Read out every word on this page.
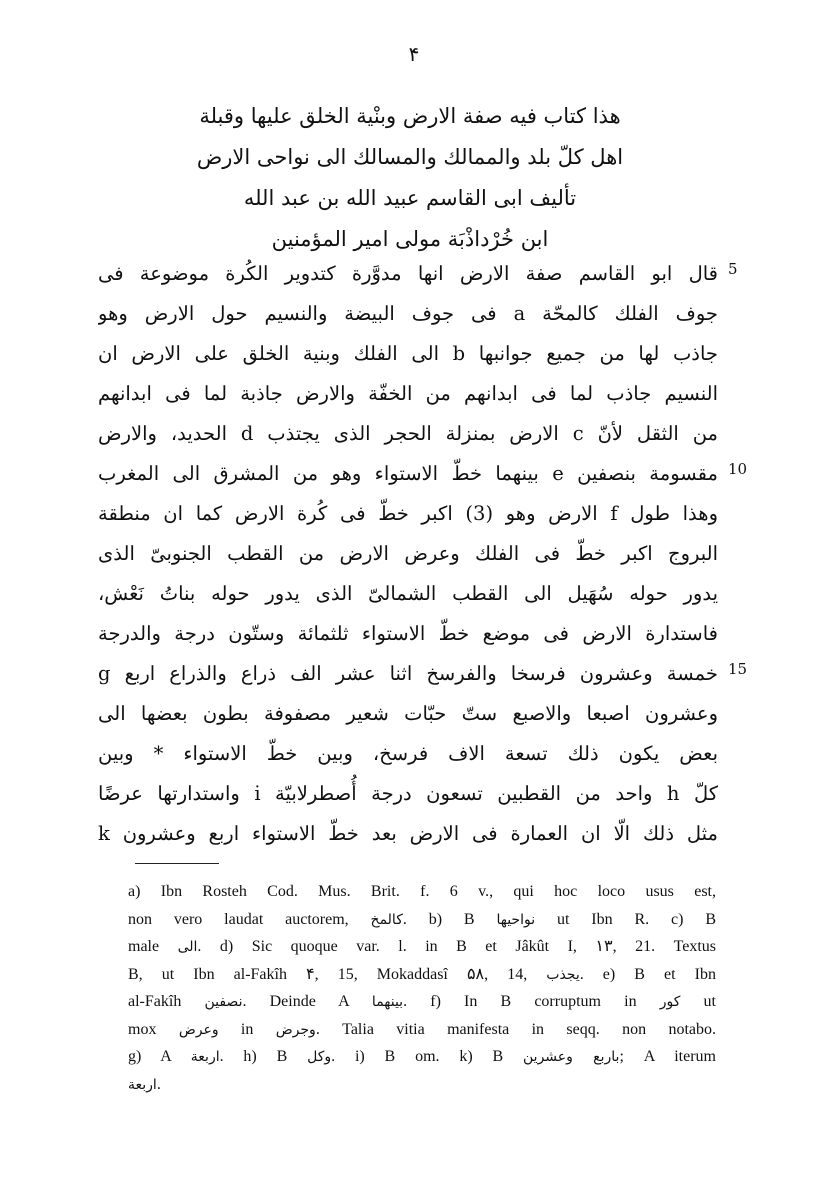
۴
هذا كتاب فيه صفة الارض وبنْية الخلق عليها وقبلة
اهل كلّ بلد والممالك والمسالك الى نواحى الارض
تأليف ابى القاسم عبيد الله بن عبد الله
ابن خُرْداذْبَة مولى امير المؤمنين
قال ابو القاسم صفة الارض انها مدوَّرة كتدوير الكُرة موضوعة فى
جوف الفلك كالمحّة a فى جوف البيضة والنسيم حول الارض وهو
جاذب لها من جميع جوانبها b الى الفلك وبنية الخلق على الارض ان
النسيم جاذب لما فى ابدانهم من الخفّة والارض جاذبة لما فى ابدانهم
من الثقل لأنّ c الارض بمنزلة الحجر الذى يجتذب d الحديد، والارض
مقسومة بنصفين e بينهما خطّ الاستواء وهو من المشرق الى المغرب
وهذا طول f الارض وهو (3) اكبر خطّ فى كُرة الارض كما ان منطقة
البروج اكبر خطّ فى الفلك وعرض الارض من القطب الجنوبىّ الذى
يدور حوله سُهَيل الى القطب الشمالىّ الذى يدور حوله بناتُ نَعْش،
فاستدارة الارض فى موضع خطّ الاستواء ثلثمائة وستّون درجة والدرجة
خمسة وعشرون فرسخا والفرسخ اثنا عشر الف ذراع والذراع اربع g
وعشرون اصبعا والاصبع ستّ حبّات شعير مصفوفة بطون بعضها الى
بعض يكون ذلك تسعة الاف فرسخ، وبين خطّ الاستواء * وبين
كلّ h واحد من القطبين تسعون درجة أُصطرلابيّة i واستدارتها عرضًا
مثل ذلك الّا ان العمارة فى الارض بعد خطّ الاستواء اربع وعشرون k
5
10
15
a) Ibn Rosteh Cod. Mus. Brit. f. 6 v., qui hoc loco usus est,
non vero laudat auctorem, كالمخ. b) B نواحيها ut Ibn R. c) B
male الى. d) Sic quoque var. l. in B et Jâkût I, ۱۳, 21. Textus
B, ut Ibn al-Fakîh ۴, 15, Mokaddasî ۵۸, 14, يجذب. e) B et Ibn
al-Fakîh نصفين. Deinde A بينهما. f) In B corruptum in كور ut
mox وعرض in وجرض. Talia vitia manifesta in seqq. non notabo.
g) A اربعة. h) B وكل. i) B om. k) B باربع وعشرين; A iterum
اربعة.
